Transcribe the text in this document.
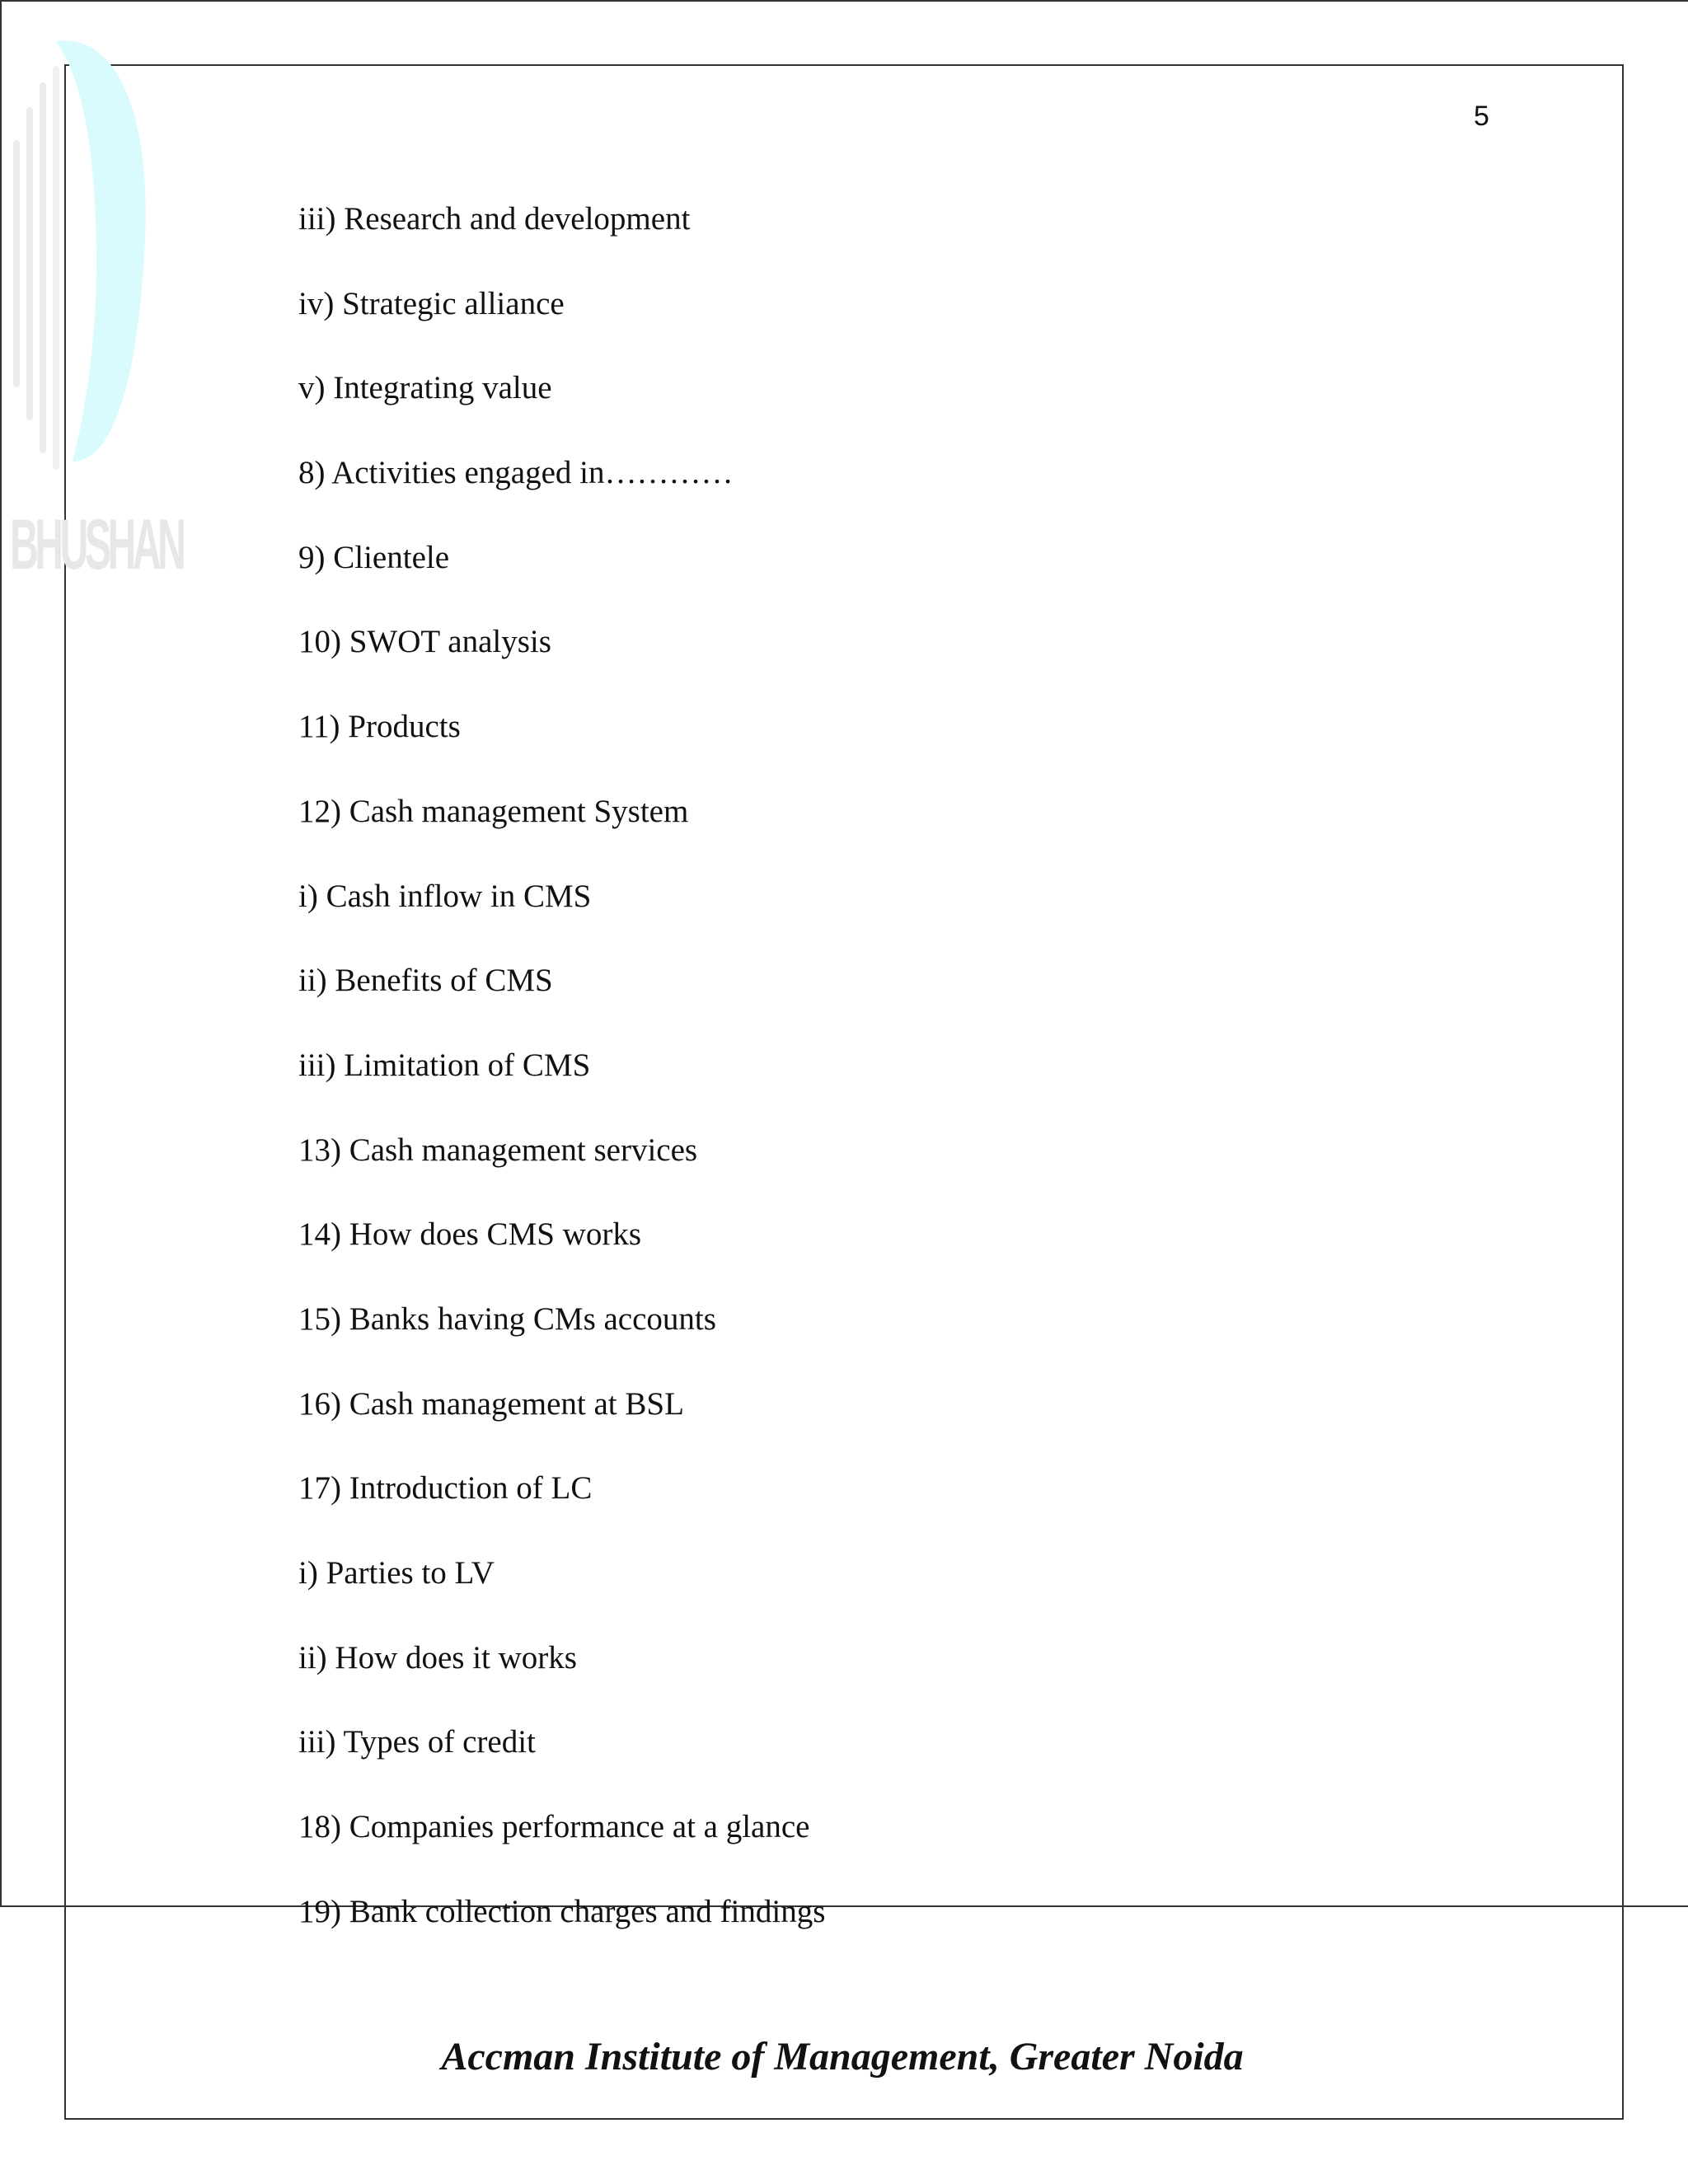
BHUSHAN
5
iii) Research and development
iv) Strategic alliance
v) Integrating value
8) Activities engaged in…………
9) Clientele
10) SWOT analysis
11) Products
12) Cash management System
i) Cash inflow in CMS
ii) Benefits of CMS
iii) Limitation of CMS
13) Cash management services
14) How does CMS works
15) Banks having CMs accounts
16) Cash management at BSL
17) Introduction of LC
i) Parties to LV
ii) How does it works
iii) Types of credit
18) Companies performance at a glance
19) Bank collection charges and findings
Accman Institute of Management, Greater Noida
